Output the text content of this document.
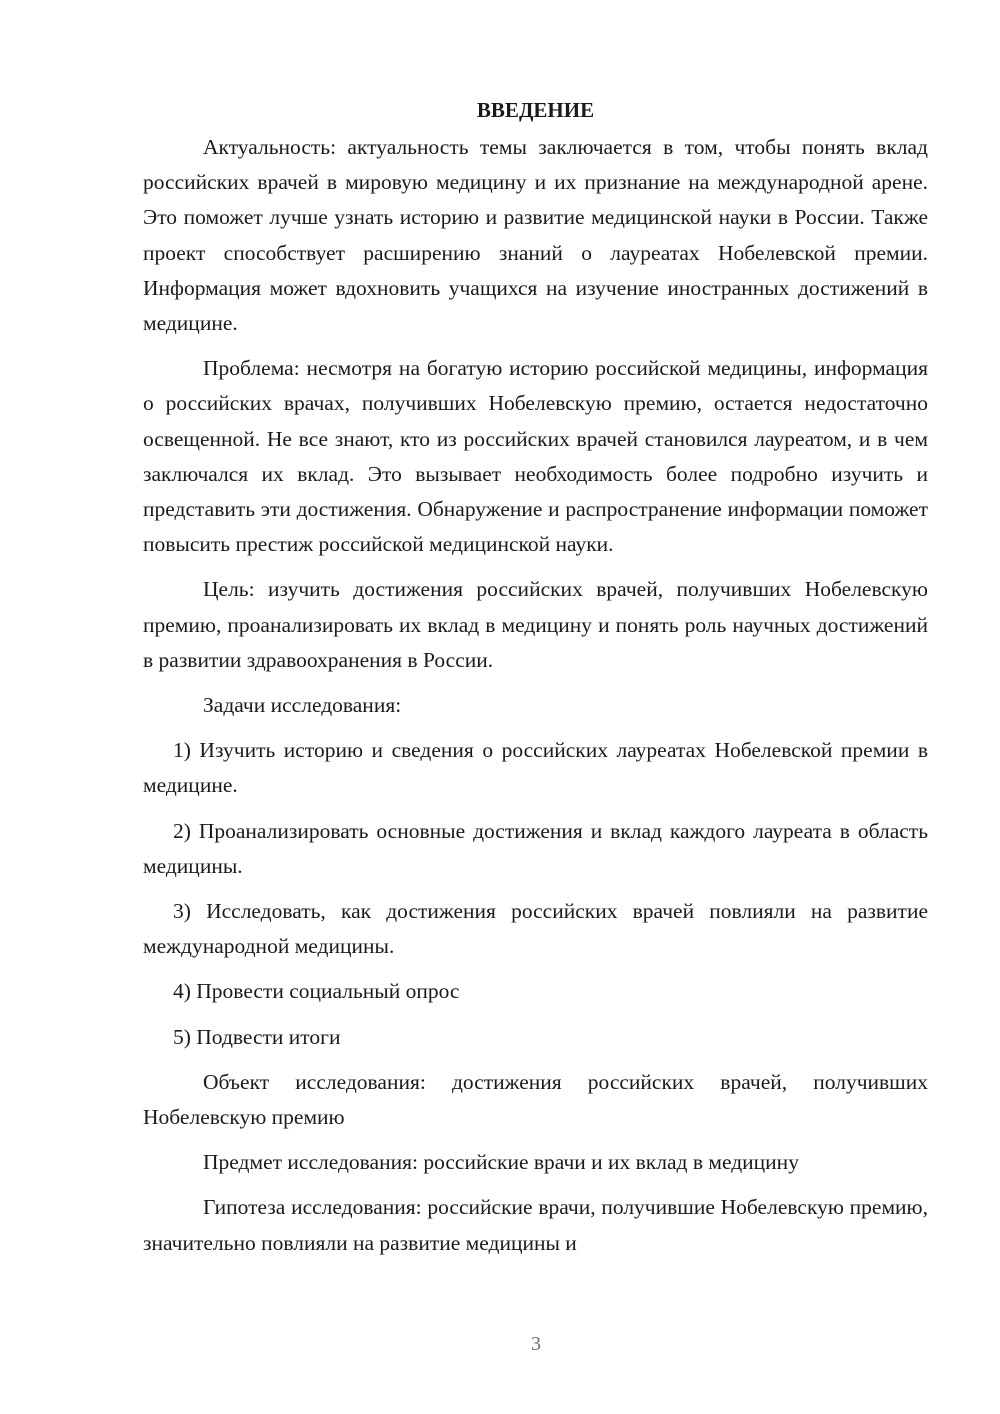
ВВЕДЕНИЕ

Актуальность: актуальность темы заключается в том, чтобы понять вклад российских врачей в мировую медицину и их признание на международной арене. Это поможет лучше узнать историю и развитие медицинской науки в России. Также проект способствует расширению знаний о лауреатах Нобелевской премии. Информация может вдохновить учащихся на изучение иностранных достижений в медицине.

Проблема: несмотря на богатую историю российской медицины, информация о российских врачах, получивших Нобелевскую премию, остается недостаточно освещенной. Не все знают, кто из российских врачей становился лауреатом, и в чем заключался их вклад. Это вызывает необходимость более подробно изучить и представить эти достижения. Обнаружение и распространение информации поможет повысить престиж российской медицинской науки.

Цель: изучить достижения российских врачей, получивших Нобелевскую премию, проанализировать их вклад в медицину и понять роль научных достижений в развитии здравоохранения в России.

Задачи исследования:

1) Изучить историю и сведения о российских лауреатах Нобелевской премии в медицине.

2) Проанализировать основные достижения и вклад каждого лауреата в область медицины.

3) Исследовать, как достижения российских врачей повлияли на развитие международной медицины.

4) Провести социальный опрос

5) Подвести итоги

Объект исследования: достижения российских врачей, получивших Нобелевскую премию

Предмет исследования: российские врачи и их вклад в медицину

Гипотеза исследования: российские врачи, получившие Нобелевскую премию, значительно повлияли на развитие медицины и

3
